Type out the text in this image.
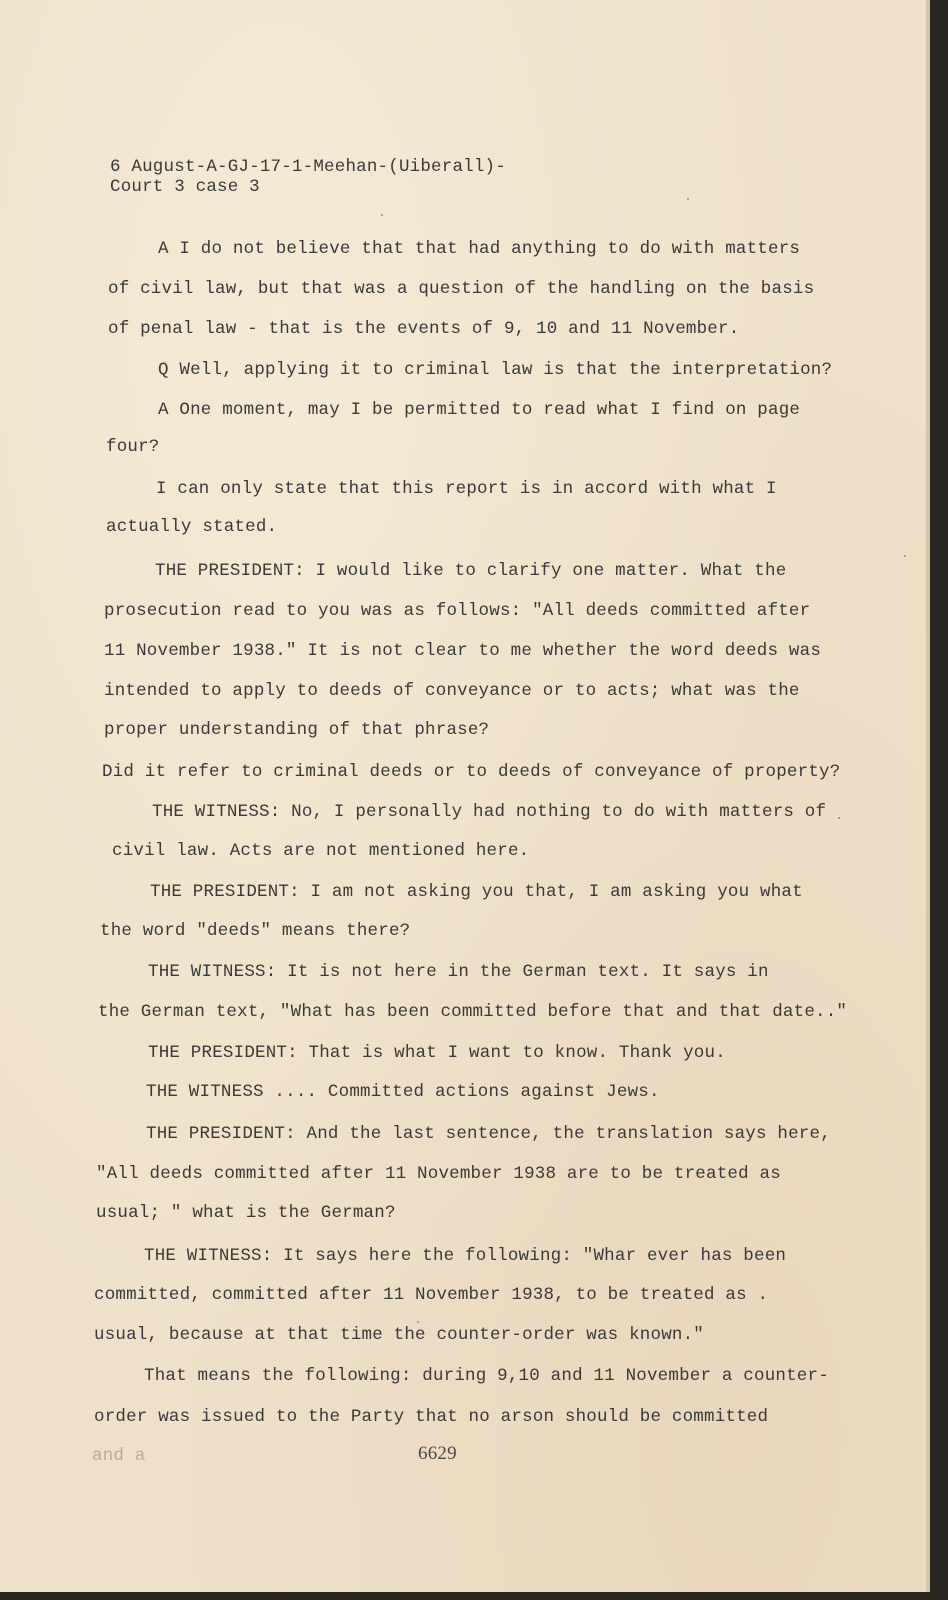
6 August-A-GJ-17-1-Meehan-(Uiberall)-
Court 3 case 3
A I do not believe that that had anything to do with matters
of civil law, but that was a question of the handling on the basis
of penal law - that is the events of 9, 10 and 11 November.
Q Well, applying it to criminal law is that the interpretation?
A One moment, may I be permitted to read what I find on page
four?
I can only state that this report is in accord with what I
actually stated.
THE PRESIDENT: I would like to clarify one matter. What the
prosecution read to you was as follows: "All deeds committed after
11 November 1938." It is not clear to me whether the word deeds was
intended to apply to deeds of conveyance or to acts; what was the
proper understanding of that phrase?
Did it refer to criminal deeds or to deeds of conveyance of property?
THE WITNESS: No, I personally had nothing to do with matters of
civil law. Acts are not mentioned here.
THE PRESIDENT: I am not asking you that, I am asking you what
the word "deeds" means there?
THE WITNESS: It is not here in the German text. It says in
the German text, "What has been committed before that and that date.."
THE PRESIDENT: That is what I want to know. Thank you.
THE WITNESS .... Committed actions against Jews.
THE PRESIDENT: And the last sentence, the translation says here,
"All deeds committed after 11 November 1938 are to be treated as
usual; " what is the German?
THE WITNESS: It says here the following: "Whar ever has been
committed, committed after 11 November 1938, to be treated as .
usual, because at that time the counter-order was known."
That means the following: during 9,10 and 11 November a counter-
order was issued to the Party that no arson should be committed
and a	6629
